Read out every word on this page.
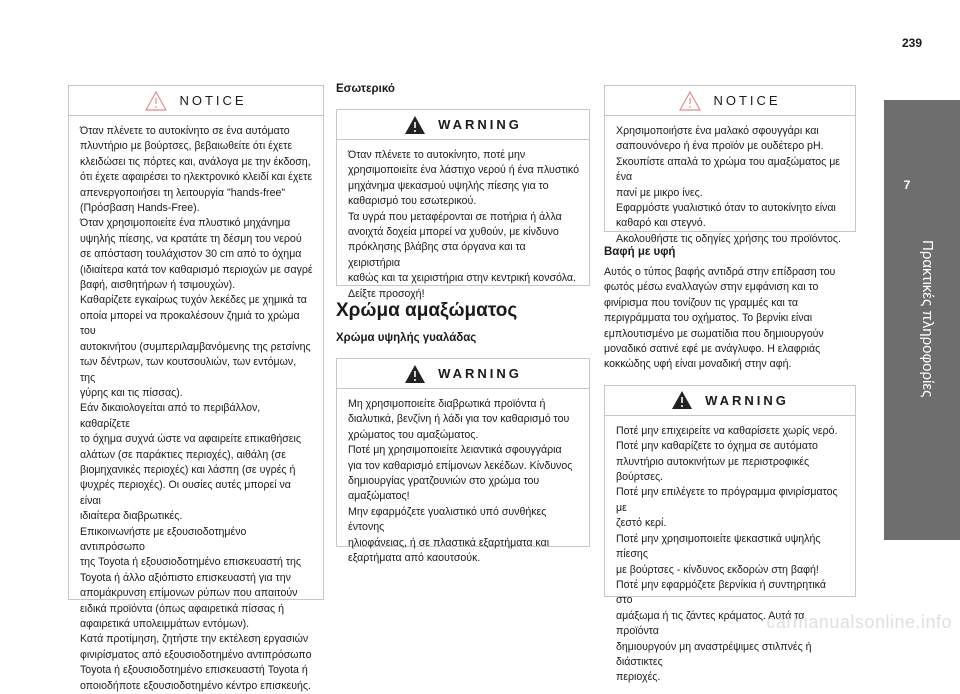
239
7
Πρακτικές πληροφορίες
NOTICE

Όταν πλένετε το αυτοκίνητο σε ένα αυτόματο
πλυντήριο με βούρτσες, βεβαιωθείτε ότι έχετε
κλειδώσει τις πόρτες και, ανάλογα με την έκδοση,
ότι έχετε αφαιρέσει το ηλεκτρονικό κλειδί και έχετε
απενεργοποιήσει τη λειτουργία "hands-free"
(Πρόσβαση Hands-Free).
Όταν χρησιμοποιείτε ένα πλυστικό μηχάνημα
υψηλής πίεσης, να κρατάτε τη δέσμη του νερού
σε απόσταση τουλάχιστον 30 cm από το όχημα
(ιδιαίτερα κατά τον καθαρισμό περιοχών με σαγρέ
βαφή, αισθητήρων ή τσιμουχών).
Καθαρίζετε εγκαίρως τυχόν λεκέδες με χημικά τα
οποία μπορεί να προκαλέσουν ζημιά το χρώμα του
αυτοκινήτου (συμπεριλαμβανόμενης της ρετσίνης
των δέντρων, των κουτσουλιών, των εντόμων, της
γύρης και τις πίσσας).
Εάν δικαιολογείται από το περιβάλλον, καθαρίζετε
το όχημα συχνά ώστε να αφαιρείτε επικαθήσεις
αλάτων (σε παράκτιες περιοχές), αιθάλη (σε
βιομηχανικές περιοχές) και λάσπη (σε υγρές ή
ψυχρές περιοχές). Οι ουσίες αυτές μπορεί να είναι
ιδιαίτερα διαβρωτικές.
Επικοινωνήστε με εξουσιοδοτημένο αντιπρόσωπο
της Toyota ή εξουσιοδοτημένο επισκευαστή της
Toyota ή άλλο αξιόπιστο επισκευαστή για την
απομάκρυνση επίμονων ρύπων που απαιτούν
ειδικά προϊόντα (όπως αφαιρετικά πίσσας ή
αφαιρετικά υπολειμμάτων εντόμων).
Κατά προτίμηση, ζητήστε την εκτέλεση εργασιών
φινιρίσματος από εξουσιοδοτημένο αντιπρόσωπο
Toyota ή εξουσιοδοτημένο επισκευαστή Toyota ή
οποιοδήποτε εξουσιοδοτημένο κέντρο επισκευής.

Εσωτερικό

WARNING

Όταν πλένετε το αυτοκίνητο, ποτέ μην
χρησιμοποιείτε ένα λάστιχο νερού ή ένα πλυστικό
μηχάνημα ψεκασμού υψηλής πίεσης για το
καθαρισμό του εσωτερικού.
Τα υγρά που μεταφέρονται σε ποτήρια ή άλλα
ανοιχτά δοχεία μπορεί να χυθούν, με κίνδυνο
πρόκλησης βλάβης στα όργανα και τα χειριστήρια
καθώς και τα χειριστήρια στην κεντρική κονσόλα.
Δείξτε προσοχή!

Χρώμα αμαξώματος

Χρώμα υψηλής γυαλάδας

WARNING

Μη χρησιμοποιείτε διαβρωτικά προϊόντα ή
διαλυτικά, βενζίνη ή λάδι για τον καθαρισμό του
χρώματος του αμαξώματος.
Ποτέ μη χρησιμοποιείτε λειαντικά σφουγγάρια
για τον καθαρισμό επίμονων λεκέδων. Κίνδυνος
δημιουργίας γρατζουνιών στο χρώμα του
αμαξώματος!
Μην εφαρμόζετε γυαλιστικό υπό συνθήκες έντονης
ηλιοφάνειας, ή σε πλαστικά εξαρτήματα και
εξαρτήματα από καουτσούκ.

NOTICE

Χρησιμοποιήστε ένα μαλακό σφουγγάρι και
σαπουνόνερο ή ένα προϊόν με ουδέτερο pH.
Σκουπίστε απαλά το χρώμα του αμαξώματος με ένα
πανί με μικρο ίνες.
Εφαρμόστε γυαλιστικό όταν το αυτοκίνητο είναι
καθαρό και στεγνό.
Ακολουθήστε τις οδηγίες χρήσης του προϊόντος.

Βαφή με υφή

Αυτός ο τύπος βαφής αντιδρά στην επίδραση του φωτός μέσω εναλλαγών στην εμφάνιση και το φινίρισμα που τονίζουν τις γραμμές και τα περιγράμματα του οχήματος. Το βερνίκι είναι εμπλουτισμένο με σωματίδια που δημιουργούν μοναδικό σατινέ εφέ με ανάγλυφο. Η ελαφριάς κοκκώδης υφή είναι μοναδική στην αφή.

WARNING

Ποτέ μην επιχειρείτε να καθαρίσετε χωρίς νερό.
Ποτέ μην καθαρίζετε το όχημα σε αυτόματο
πλυντήριο αυτοκινήτων με περιστροφικές βούρτσες.
Ποτέ μην επιλέγετε το πρόγραμμα φινιρίσματος με
ζεστό κερί.
Ποτέ μην χρησιμοποιείτε ψεκαστικά υψηλής πίεσης
με βούρτσες - κίνδυνος εκδορών στη βαφή!
Ποτέ μην εφαρμόζετε βερνίκια ή συντηρητικά στο
αμάξωμα ή τις ζάντες κράματος. Αυτά τα προϊόντα
δημιουργούν μη αναστρέψιμες στιλπνές ή διάστικτες
περιοχές.

carmanualsonline.info
